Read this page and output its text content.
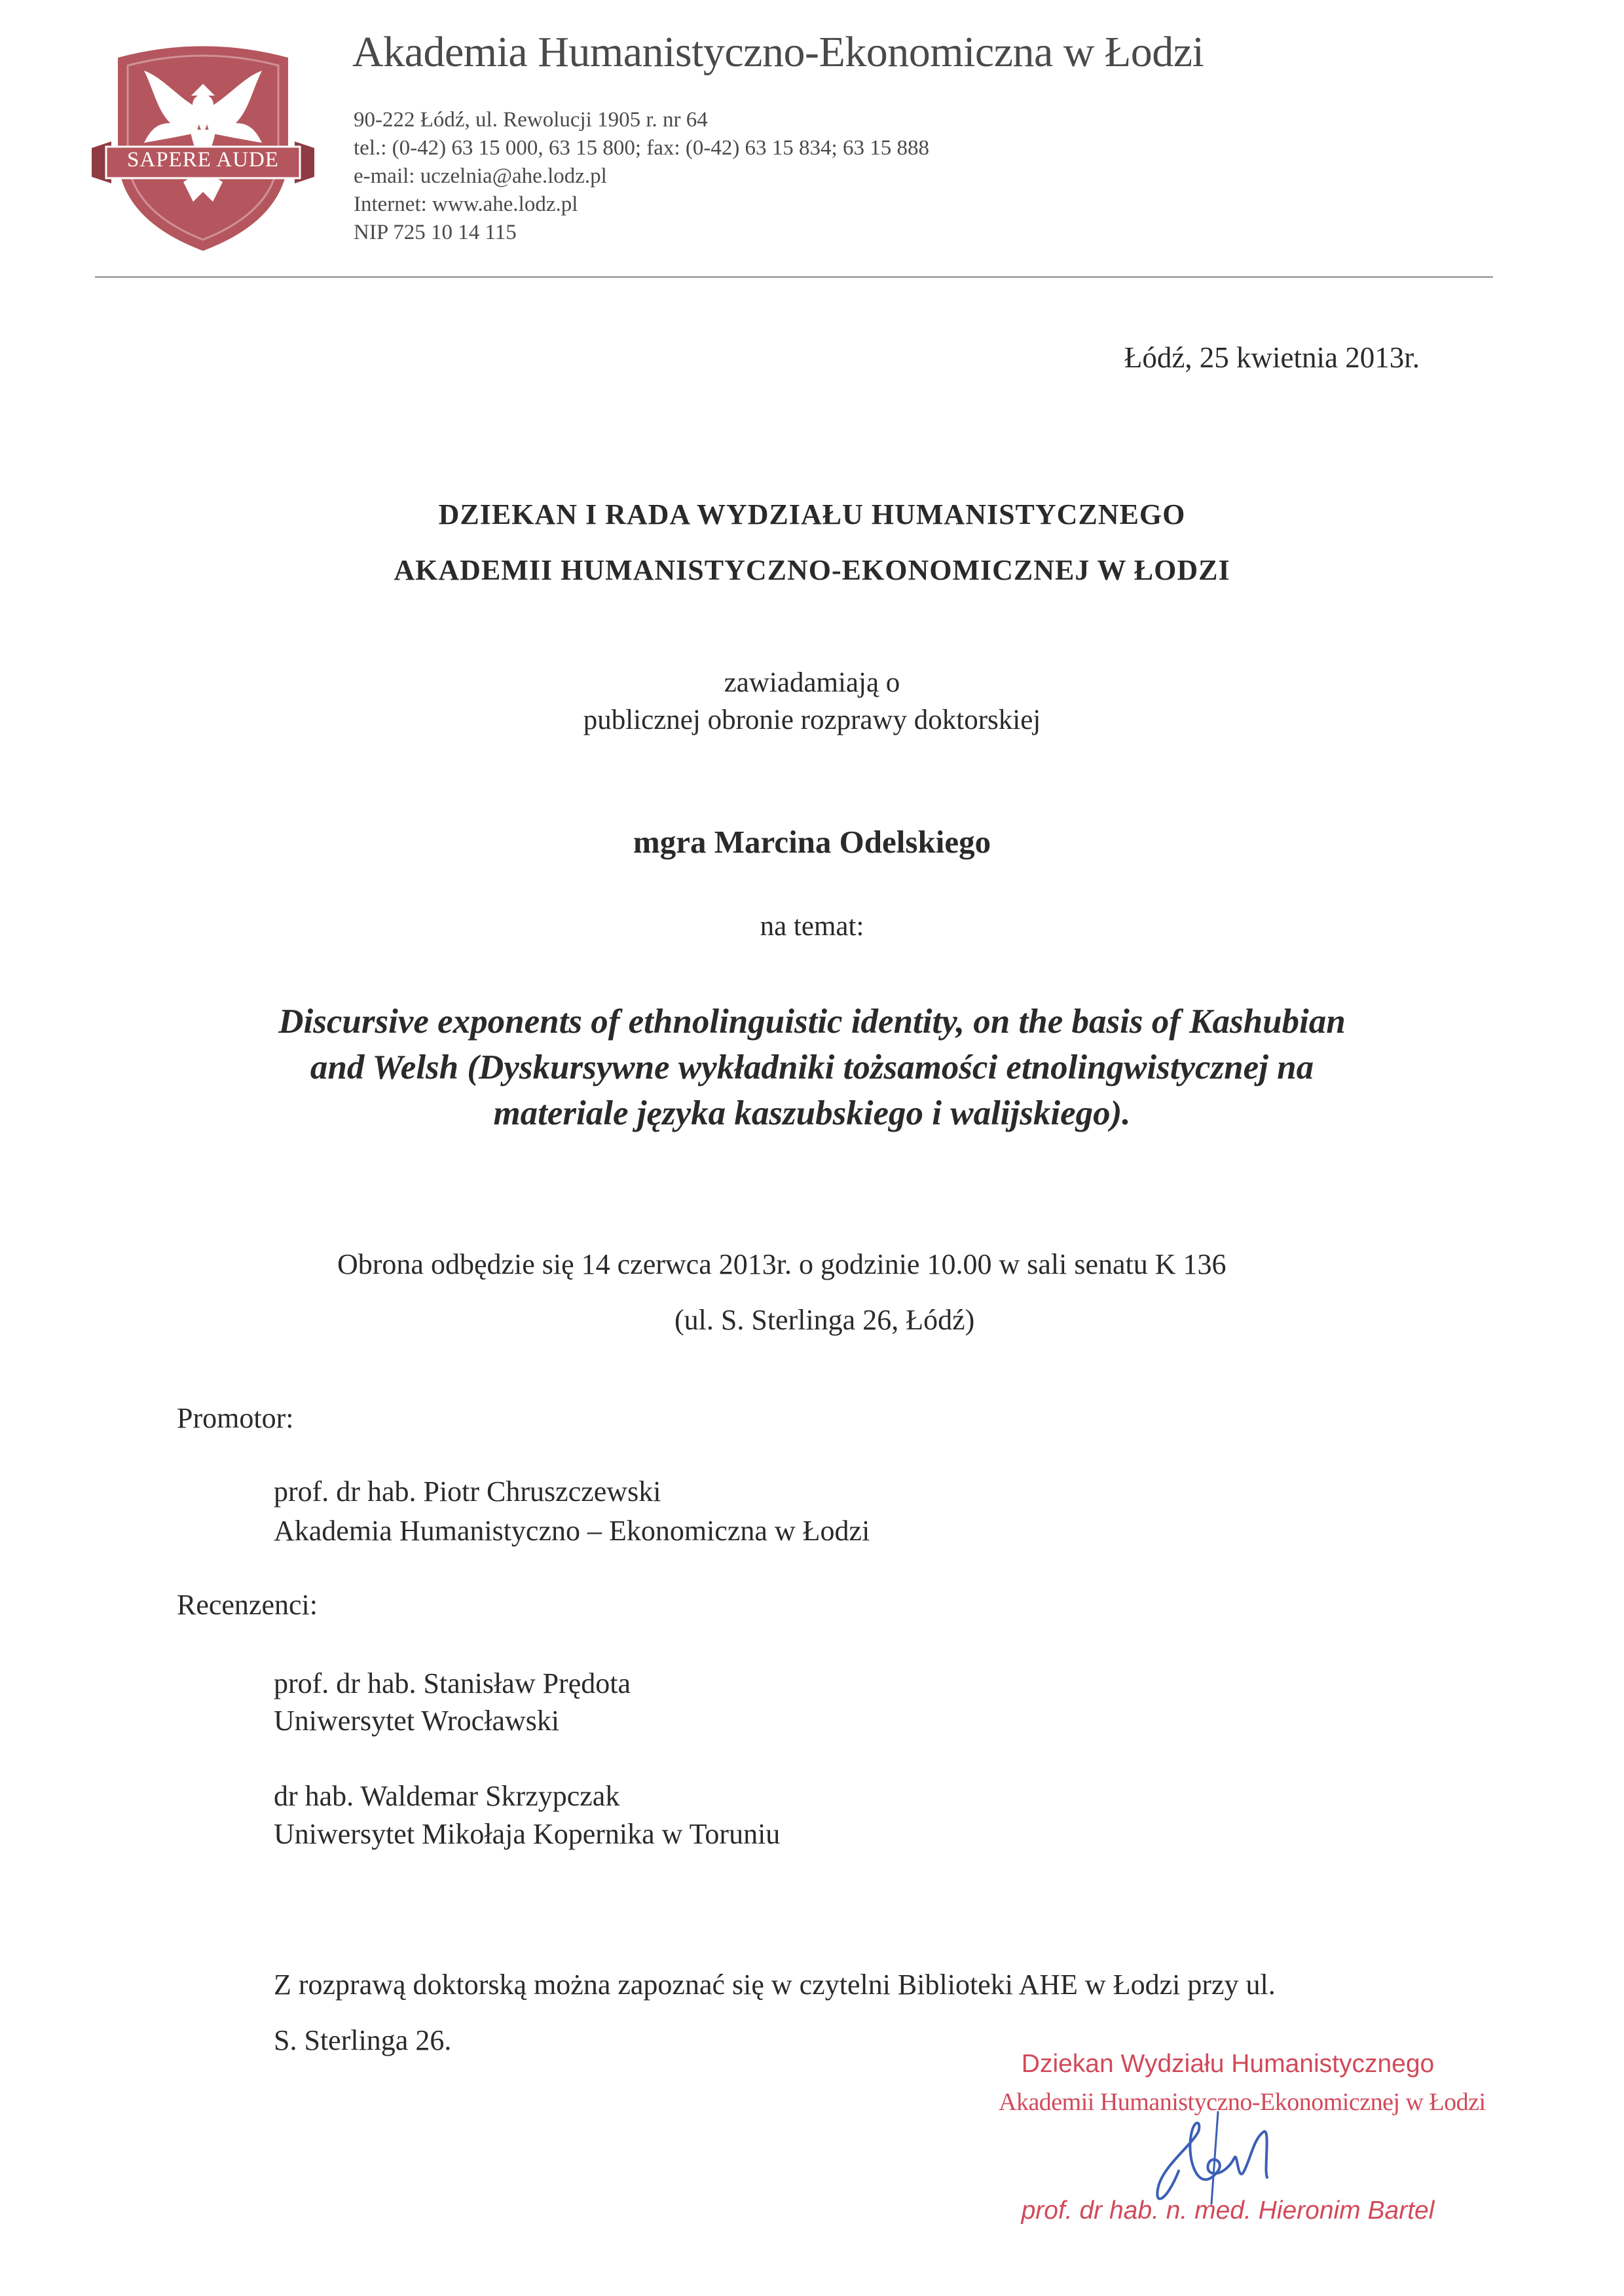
SAPERE AUDE
Akademia Humanistyczno-Ekonomiczna w Łodzi
90-222 Łódź, ul. Rewolucji 1905 r. nr 64
tel.: (0-42) 63 15 000, 63 15 800; fax: (0-42) 63 15 834; 63 15 888
e-mail: uczelnia@ahe.lodz.pl
Internet: www.ahe.lodz.pl
NIP 725 10 14 115
Łódź, 25 kwietnia 2013r.
DZIEKAN I RADA WYDZIAŁU HUMANISTYCZNEGO
AKADEMII HUMANISTYCZNO-EKONOMICZNEJ W ŁODZI
zawiadamiają o
publicznej obronie rozprawy doktorskiej
mgra Marcina Odelskiego
na temat:
Discursive exponents of ethnolinguistic identity, on the basis of Kashubian
and Welsh (Dyskursywne wykładniki tożsamości etnolingwistycznej na
materiale języka kaszubskiego i walijskiego).
Obrona odbędzie się 14 czerwca 2013r. o godzinie 10.00 w sali senatu K 136
(ul. S. Sterlinga 26, Łódź)
Promotor:
prof. dr hab. Piotr Chruszczewski
Akademia Humanistyczno – Ekonomiczna w Łodzi
Recenzenci:
prof. dr hab. Stanisław Prędota
Uniwersytet Wrocławski
dr hab. Waldemar Skrzypczak
Uniwersytet Mikołaja Kopernika w Toruniu
Z rozprawą doktorską można zapoznać się w czytelni Biblioteki AHE w Łodzi przy ul.
S. Sterlinga 26.
Dziekan Wydziału Humanistycznego
Akademii Humanistyczno-Ekonomicznej w Łodzi
prof. dr hab. n. med. Hieronim Bartel
